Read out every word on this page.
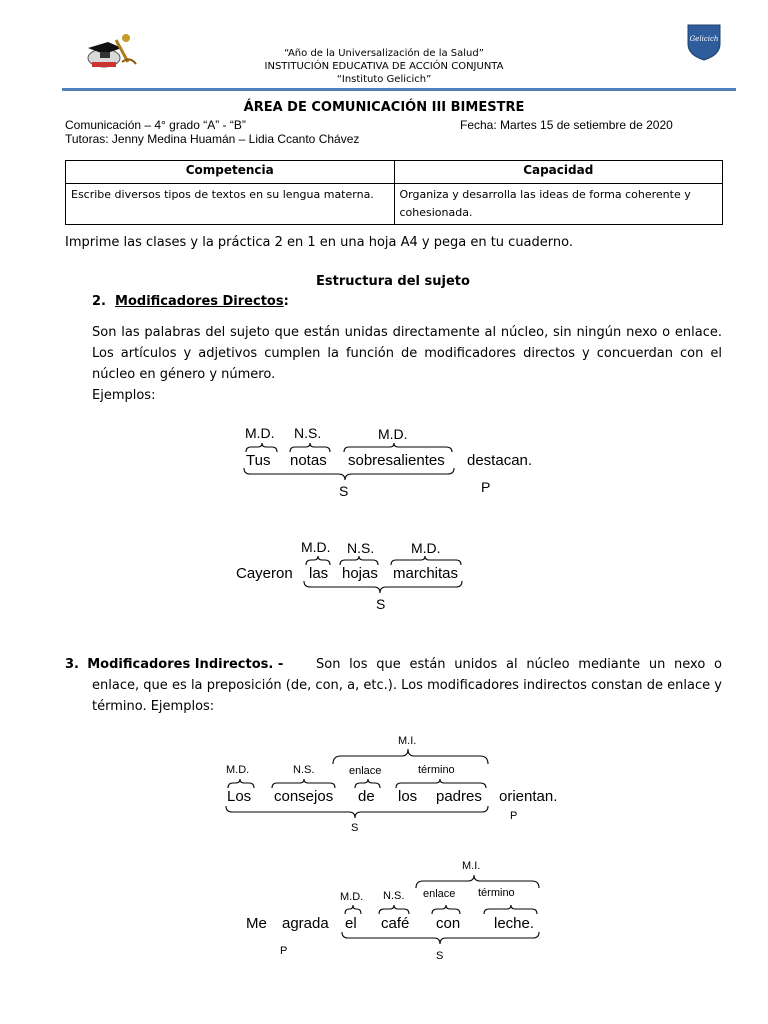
Gelicich
“Año de la Universalización de la Salud”
INSTITUCIÓN EDUCATIVA DE ACCIÓN CONJUNTA
“Instituto Gelicich”
ÁREA DE COMUNICACIÓN III BIMESTRE
Comunicación – 4° grado “A” - “B”	Fecha: Martes 15 de setiembre de 2020
Tutoras: Jenny Medina Huamán – Lidia Ccanto Chávez
Competencia	Capacidad
Escribe diversos tipos de textos en su lengua materna.	Organiza y desarrolla las ideas de forma coherente y cohesionada.
Imprime las clases y la práctica 2 en 1 en una hoja A4 y pega en tu cuaderno.
Estructura del sujeto
2. Modificadores Directos:
Son las palabras del sujeto que están unidas directamente al núcleo, sin ningún nexo o enlace. Los artículos y adjetivos cumplen la función de modificadores directos y concuerdan con el núcleo en género y número.
Ejemplos:
M.D. N.S.	M.D.
Tus notas sobresalientes destacan.
S	P
M.D. N.S.	M.D.
Cayeron las hojas marchitas
S
3. Modificadores Indirectos. -	Son los que están unidos al núcleo mediante un nexo o enlace, que es la preposición (de, con, a, etc.). Los modificadores indirectos constan de enlace y término. Ejemplos:
M.I.
M.D.	N.S.	enlace	término
Los consejos de los padres orientan.
S
P
M.I.
enlace término
M.D. N.S.
Me agrada el café con leche.
P	S
